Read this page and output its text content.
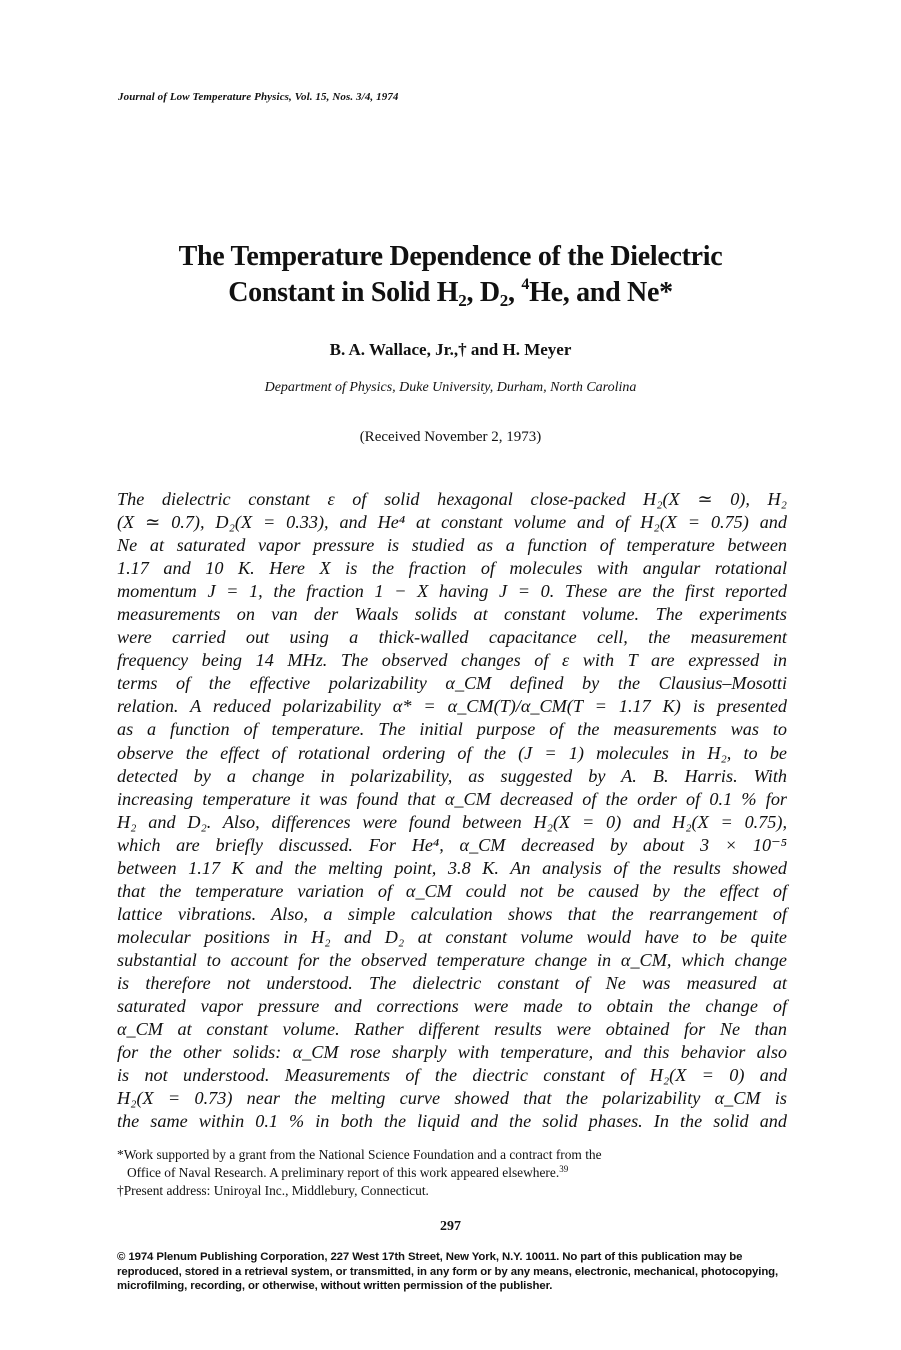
Journal of Low Temperature Physics, Vol. 15, Nos. 3/4, 1974
The Temperature Dependence of the Dielectric
Constant in Solid $H_2$, $D_2$, $^4$He, and Ne*
B. A. Wallace, Jr.,† and H. Meyer
Department of Physics, Duke University, Durham, North Carolina
(Received November 2, 1973)
The dielectric constant ε of solid hexagonal close-packed H₂(X ≃ 0), H₂
(X ≃ 0.7), D₂(X = 0.33), and He⁴ at constant volume and of H₂(X = 0.75) and
Ne at saturated vapor pressure is studied as a function of temperature between
1.17 and 10 K. Here X is the fraction of molecules with angular rotational
momentum J = 1, the fraction 1 − X having J = 0. These are the first reported
measurements on van der Waals solids at constant volume. The experiments
were carried out using a thick-walled capacitance cell, the measurement
frequency being 14 MHz. The observed changes of ε with T are expressed in
terms of the effective polarizability α_CM defined by the Clausius–Mosotti
relation. A reduced polarizability α* = α_CM(T)/α_CM(T = 1.17 K) is presented
as a function of temperature. The initial purpose of the measurements was to
observe the effect of rotational ordering of the (J = 1) molecules in H₂, to be
detected by a change in polarizability, as suggested by A. B. Harris. With
increasing temperature it was found that α_CM decreased of the order of 0.1 % for
H₂ and D₂. Also, differences were found between H₂(X = 0) and H₂(X = 0.75),
which are briefly discussed. For He⁴, α_CM decreased by about 3 × 10⁻⁵
between 1.17 K and the melting point, 3.8 K. An analysis of the results showed
that the temperature variation of α_CM could not be caused by the effect of
lattice vibrations. Also, a simple calculation shows that the rearrangement of
molecular positions in H₂ and D₂ at constant volume would have to be quite
substantial to account for the observed temperature change in α_CM, which change
is therefore not understood. The dielectric constant of Ne was measured at
saturated vapor pressure and corrections were made to obtain the change of
α_CM at constant volume. Rather different results were obtained for Ne than
for the other solids: α_CM rose sharply with temperature, and this behavior also
is not understood. Measurements of the diectric constant of H₂(X = 0) and
H₂(X = 0.73) near the melting curve showed that the polarizability α_CM is
the same within 0.1 % in both the liquid and the solid phases. In the solid and
*Work supported by a grant from the National Science Foundation and a contract from the
Office of Naval Research. A preliminary report of this work appeared elsewhere.$^{39}$
†Present address: Uniroyal Inc., Middlebury, Connecticut.
297
© 1974 Plenum Publishing Corporation, 227 West 17th Street, New York, N.Y. 10011. No part of this publication may be reproduced, stored in a retrieval system, or transmitted, in any form or by any means, electronic, mechanical, photocopying, microfilming, recording, or otherwise, without written permission of the publisher.
